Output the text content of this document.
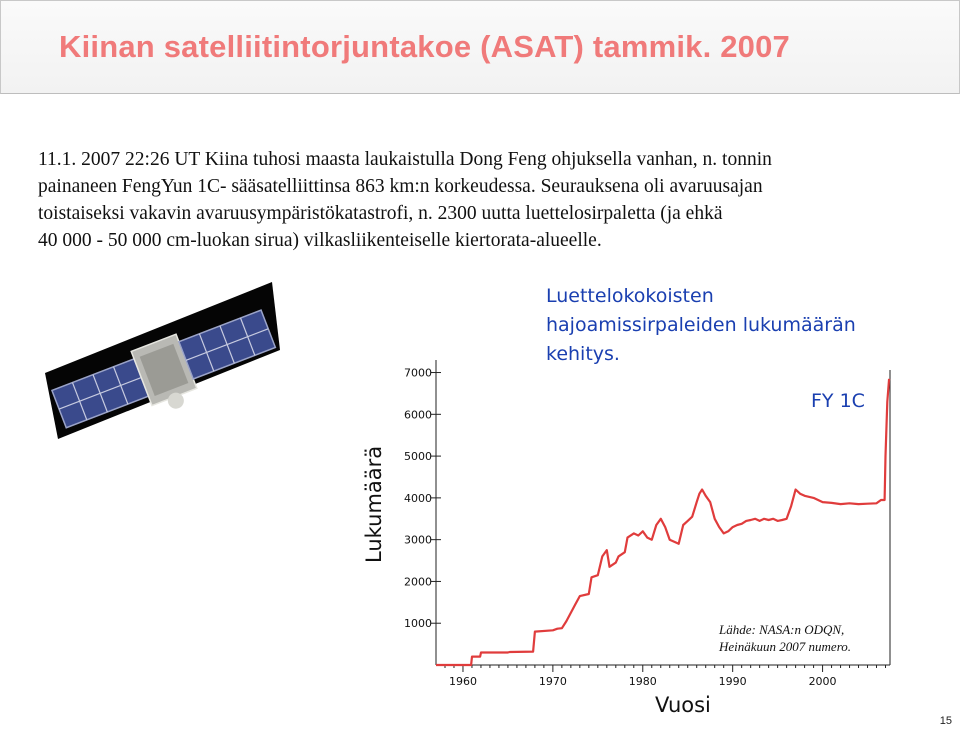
Kiinan satelliitintorjuntakoe (ASAT) tammik. 2007
11.1. 2007 22:26 UT Kiina tuhosi maasta laukaistulla Dong Feng ohjuksella vanhan, n. tonnin
painaneen FengYun 1C- sääsatelliittinsa 863 km:n korkeudessa. Seurauksena oli avaruusajan
toistaiseksi vakavin avaruusympäristökatastrofi, n. 2300 uutta luettelosirpaletta (ja ehkä
40 000 - 50 000 cm-luokan sirua) vilkasliikenteiselle kiertorata-alueelle.
1000
2000
3000
4000
5000
6000
7000
1960	1970	1980	1990	2000
Luettelokokoisten
hajoamissirpaleiden lukumäärän
kehitys.
FY 1C
Lähde: NASA:n ODQN,
Heinäkuun 2007 numero.
Vuosi
Lukumäärä
15
